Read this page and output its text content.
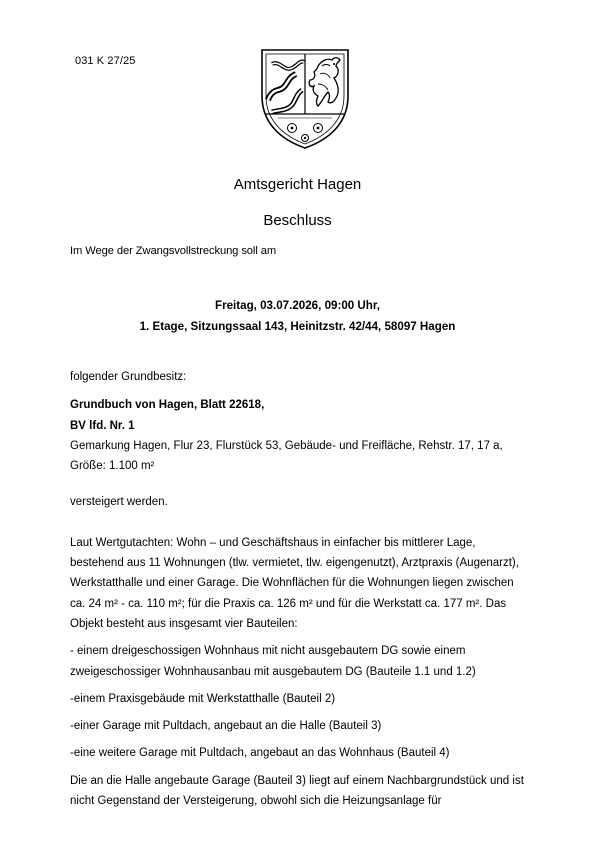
031 K 27/25
Amtsgericht Hagen
Beschluss
Im Wege der Zwangsvollstreckung soll am
Freitag, 03.07.2026, 09:00 Uhr,
1. Etage, Sitzungssaal 143, Heinitzstr. 42/44, 58097 Hagen

folgender Grundbesitz:

Grundbuch von Hagen, Blatt 22618,

BV lfd. Nr. 1

Gemarkung Hagen, Flur 23, Flurstück 53, Gebäude- und Freifläche, Rehstr. 17, 17 a, Größe: 1.100 m²

versteigert werden.

Laut Wertgutachten: Wohn – und Geschäftshaus in einfacher bis mittlerer Lage, bestehend aus 11 Wohnungen (tlw. vermietet, tlw. eigengenutzt), Arztpraxis (Augenarzt), Werkstatthalle und einer Garage. Die Wohnflächen für die Wohnungen liegen zwischen ca. 24 m² - ca. 110 m²; für die Praxis ca. 126 m² und für die Werkstatt ca. 177 m². Das Objekt besteht aus insgesamt vier Bauteilen:

- einem dreigeschossigen Wohnhaus mit nicht ausgebautem DG sowie einem zweigeschossiger Wohnhausanbau mit ausgebautem DG (Bauteile 1.1 und 1.2)

-einem Praxisgebäude mit Werkstatthalle (Bauteil 2)

-einer Garage mit Pultdach, angebaut an die Halle (Bauteil 3)

-eine weitere Garage mit Pultdach, angebaut an das Wohnhaus (Bauteil 4)

Die an die Halle angebaute Garage (Bauteil 3) liegt auf einem Nachbargrundstück und ist nicht Gegenstand der Versteigerung, obwohl sich die Heizungsanlage für
